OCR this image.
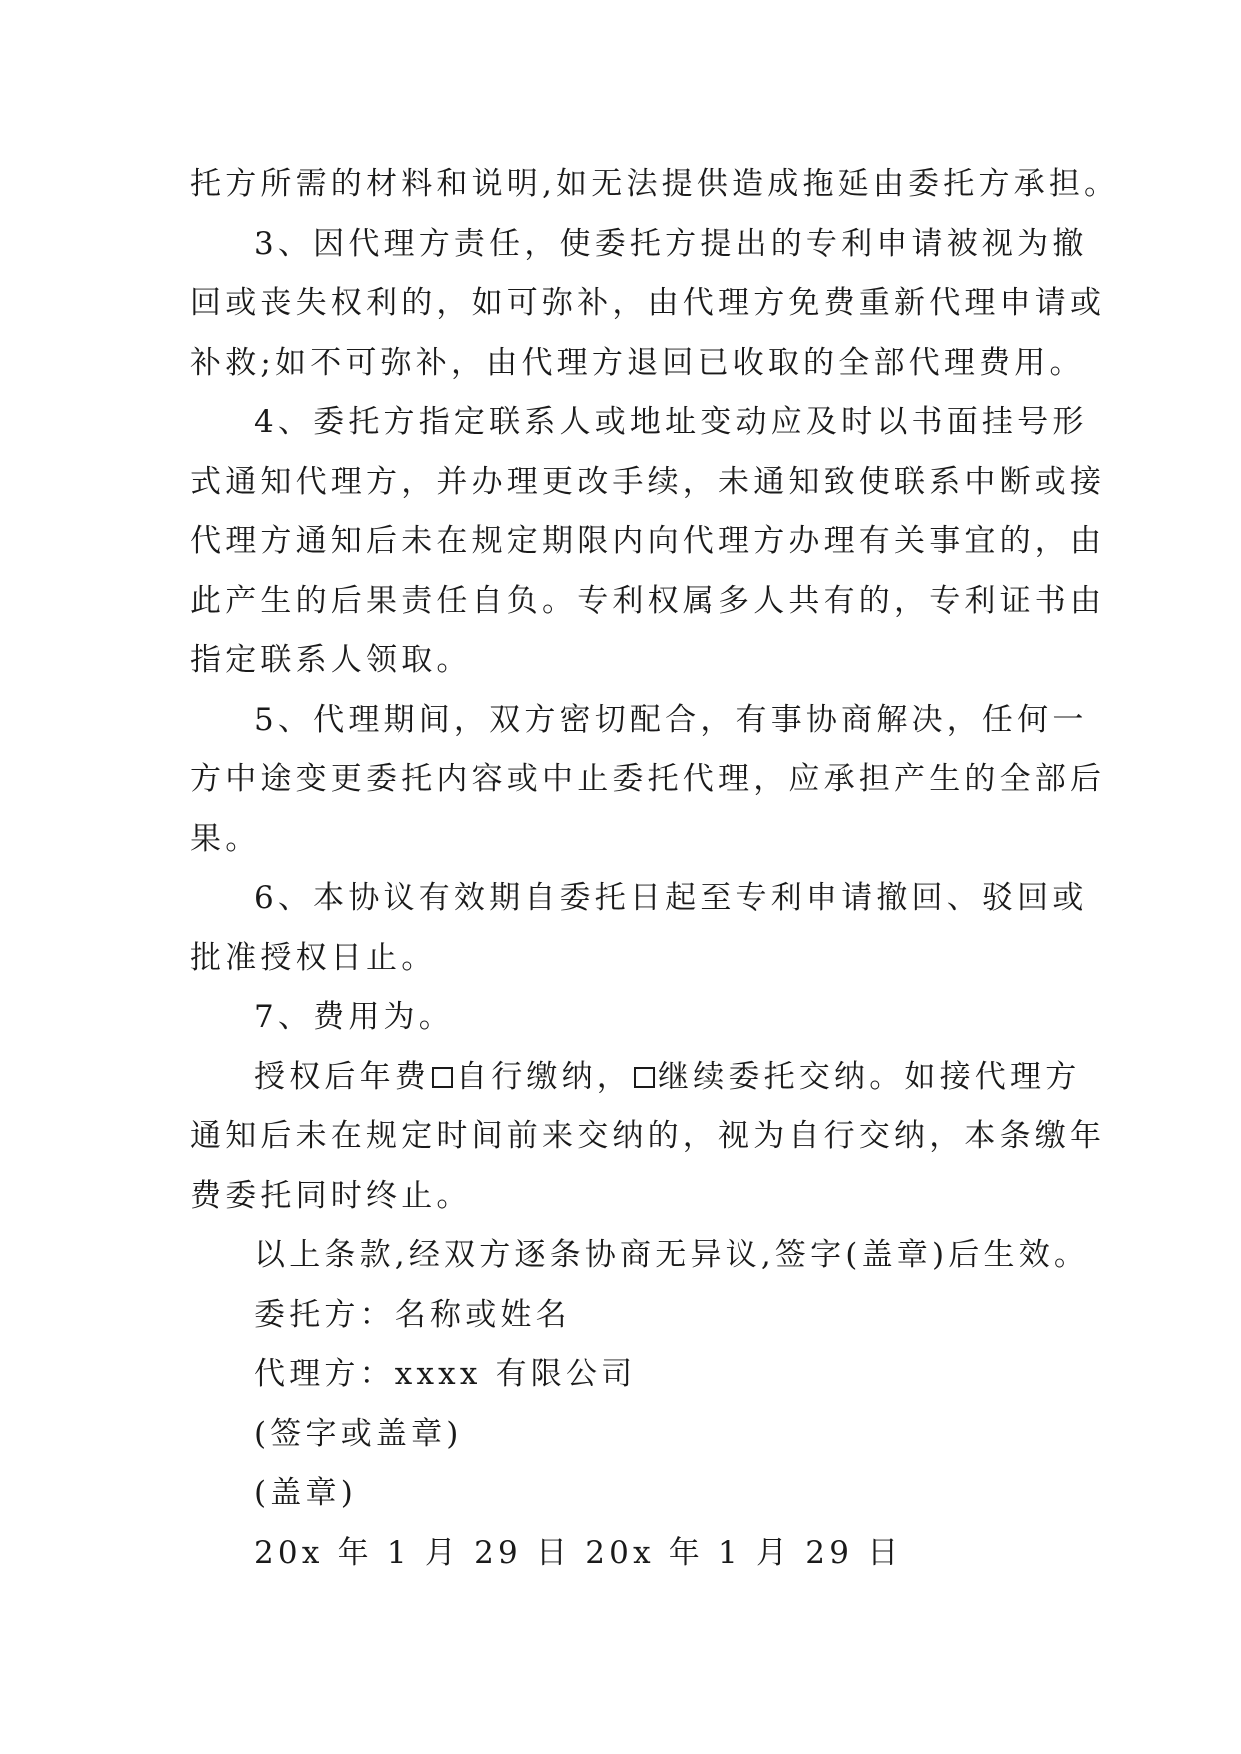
托方所需的材料和说明,如无法提供造成拖延由委托方承担。
3、因代理方责任，使委托方提出的专利申请被视为撤
回或丧失权利的，如可弥补，由代理方免费重新代理申请或
补救;如不可弥补，由代理方退回已收取的全部代理费用。
4、委托方指定联系人或地址变动应及时以书面挂号形
式通知代理方，并办理更改手续，未通知致使联系中断或接
代理方通知后未在规定期限内向代理方办理有关事宜的，由
此产生的后果责任自负。专利权属多人共有的，专利证书由
指定联系人领取。
5、代理期间，双方密切配合，有事协商解决，任何一
方中途变更委托内容或中止委托代理，应承担产生的全部后
果。
6、本协议有效期自委托日起至专利申请撤回、驳回或
批准授权日止。
7、费用为。
授权后年费 自行缴纳， 继续委托交纳。如接代理方
通知后未在规定时间前来交纳的，视为自行交纳，本条缴年
费委托同时终止。
以上条款,经双方逐条协商无异议,签字(盖章)后生效。
委托方：名称或姓名
代理方：xxxx 有限公司
(签字或盖章)
(盖章)
20x 年 1 月 29 日 20x 年 1 月 29 日
